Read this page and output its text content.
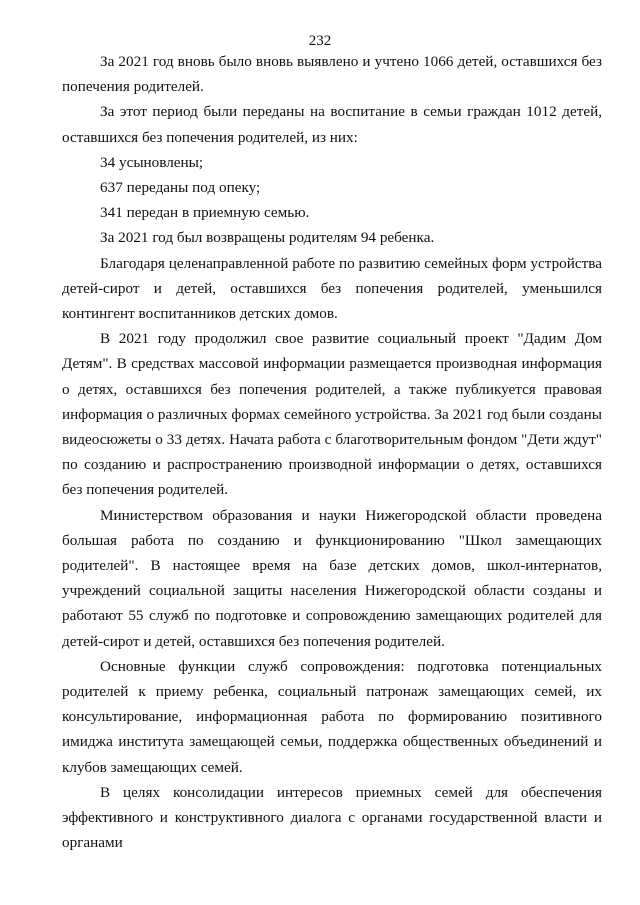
232

За 2021 год вновь было вновь выявлено и учтено 1066 детей, оставшихся без попечения родителей.

За этот период были переданы на воспитание в семьи граждан 1012 детей, оставшихся без попечения родителей, из них:

34 усыновлены;

637 переданы под опеку;

341 передан в приемную семью.

За 2021 год был возвращены родителям 94 ребенка.

Благодаря целенаправленной работе по развитию семейных форм устройства детей-сирот и детей, оставшихся без попечения родителей, уменьшился контингент воспитанников детских домов.

В 2021 году продолжил свое развитие социальный проект "Дадим Дом Детям". В средствах массовой информации размещается производная информация о детях, оставшихся без попечения родителей, а также публикуется правовая информация о различных формах семейного устройства. За 2021 год были созданы видеосюжеты о 33 детях. Начата работа с благотворительным фондом "Дети ждут" по созданию и распространению производной информации о детях, оставшихся без попечения родителей.

Министерством образования и науки Нижегородской области проведена большая работа по созданию и функционированию "Школ замещающих родителей". В настоящее время на базе детских домов, школ-интернатов, учреждений социальной защиты населения Нижегородской области созданы и работают 55 служб по подготовке и сопровождению замещающих родителей для детей-сирот и детей, оставшихся без попечения родителей.

Основные функции служб сопровождения: подготовка потенциальных родителей к приему ребенка, социальный патронаж замещающих семей, их консультирование, информационная работа по формированию позитивного имиджа института замещающей семьи, поддержка общественных объединений и клубов замещающих семей.

В целях консолидации интересов приемных семей для обеспечения эффективного и конструктивного диалога с органами государственной власти и органами
